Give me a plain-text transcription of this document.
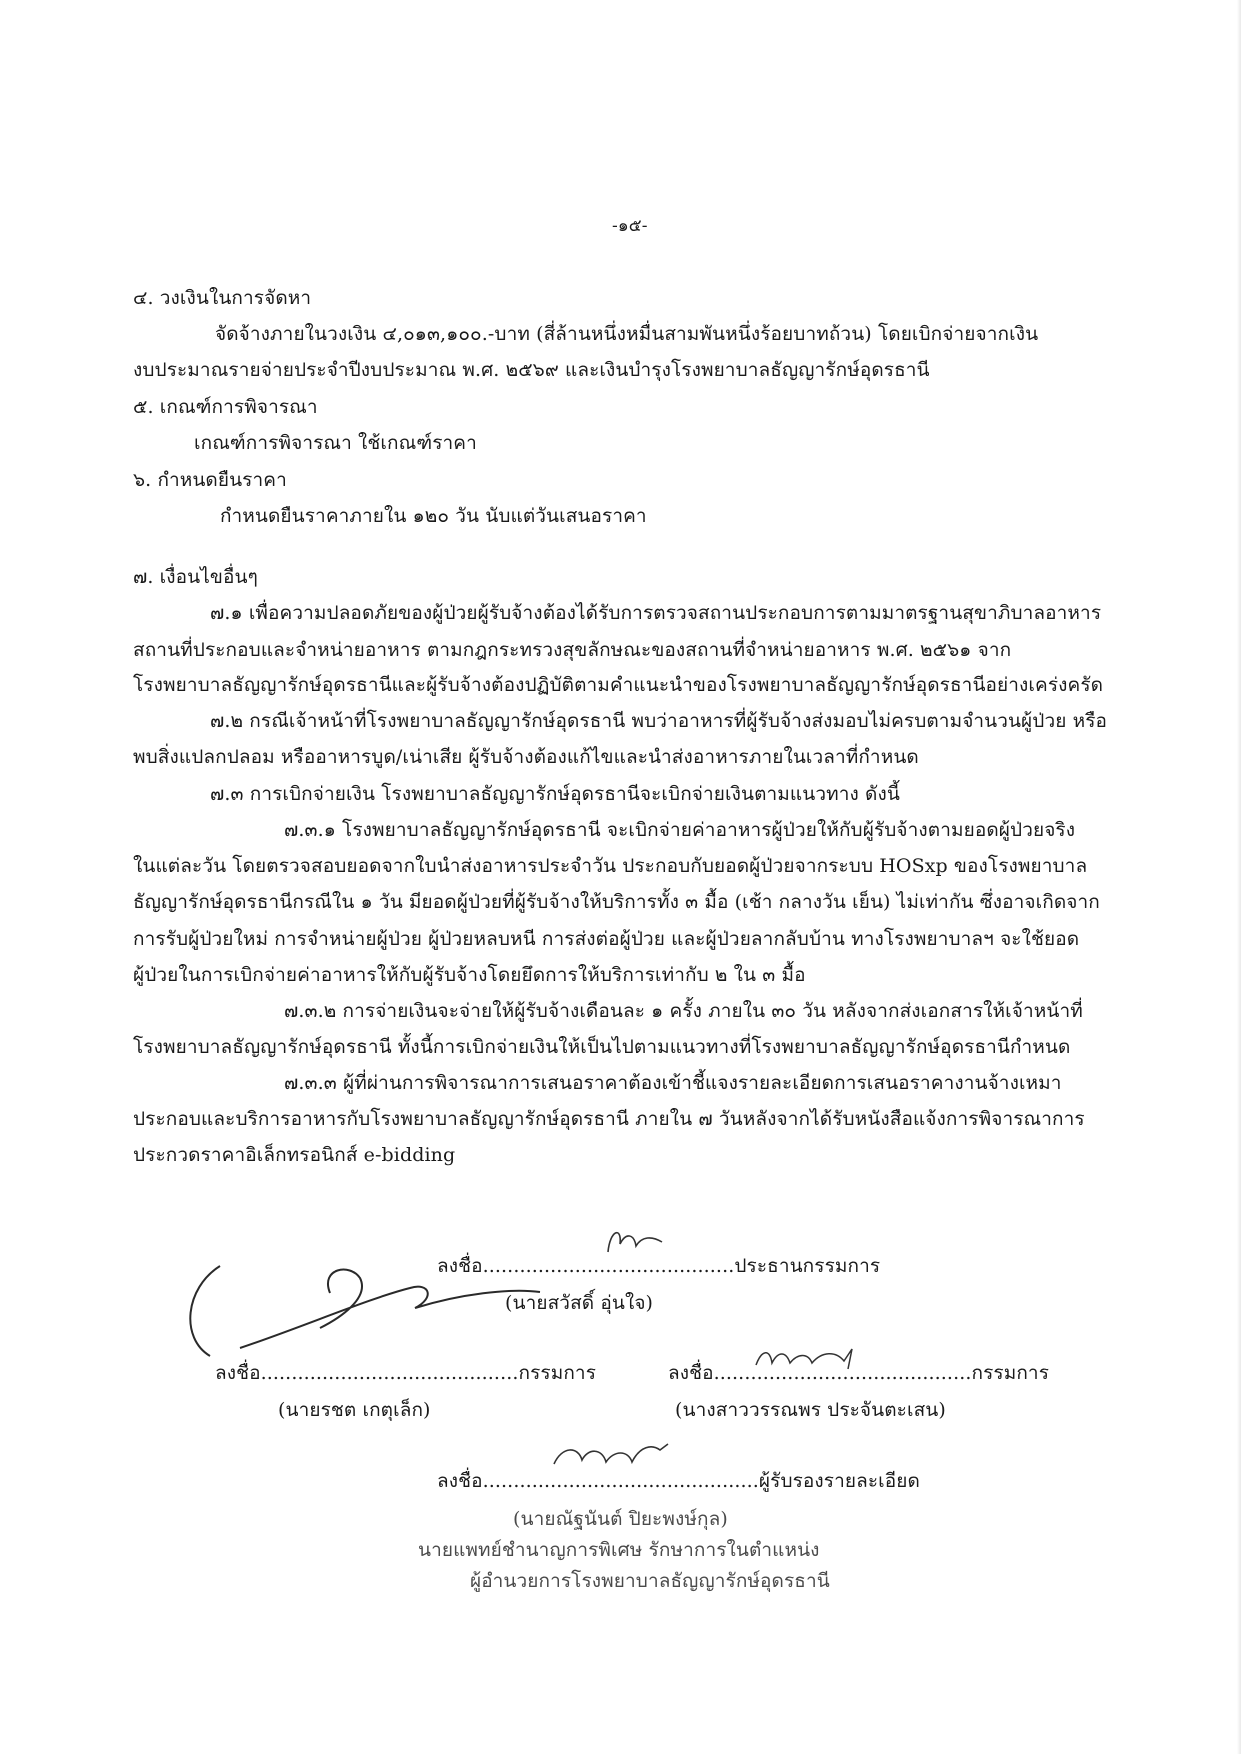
-๑๕-
๔. วงเงินในการจัดหา
จัดจ้างภายในวงเงิน ๔,๐๑๓,๑๐๐.-บาท (สี่ล้านหนึ่งหมื่นสามพันหนึ่งร้อยบาทถ้วน) โดยเบิกจ่ายจากเงิน
งบประมาณรายจ่ายประจำปีงบประมาณ พ.ศ. ๒๕๖๙ และเงินบำรุงโรงพยาบาลธัญญารักษ์อุดรธานี
๕. เกณฑ์การพิจารณา
เกณฑ์การพิจารณา ใช้เกณฑ์ราคา
๖. กำหนดยืนราคา
กำหนดยืนราคาภายใน ๑๒๐ วัน นับแต่วันเสนอราคา
๗. เงื่อนไขอื่นๆ
๗.๑ เพื่อความปลอดภัยของผู้ป่วยผู้รับจ้างต้องได้รับการตรวจสถานประกอบการตามมาตรฐานสุขาภิบาลอาหาร
สถานที่ประกอบและจำหน่ายอาหาร ตามกฎกระทรวงสุขลักษณะของสถานที่จำหน่ายอาหาร พ.ศ. ๒๕๖๑ จาก
โรงพยาบาลธัญญารักษ์อุดรธานีและผู้รับจ้างต้องปฏิบัติตามคำแนะนำของโรงพยาบาลธัญญารักษ์อุดรธานีอย่างเคร่งครัด
๗.๒ กรณีเจ้าหน้าที่โรงพยาบาลธัญญารักษ์อุดรธานี พบว่าอาหารที่ผู้รับจ้างส่งมอบไม่ครบตามจำนวนผู้ป่วย หรือ
พบสิ่งแปลกปลอม หรืออาหารบูด/เน่าเสีย ผู้รับจ้างต้องแก้ไขและนำส่งอาหารภายในเวลาที่กำหนด
๗.๓ การเบิกจ่ายเงิน โรงพยาบาลธัญญารักษ์อุดรธานีจะเบิกจ่ายเงินตามแนวทาง ดังนี้
๗.๓.๑ โรงพยาบาลธัญญารักษ์อุดรธานี จะเบิกจ่ายค่าอาหารผู้ป่วยให้กับผู้รับจ้างตามยอดผู้ป่วยจริง
ในแต่ละวัน โดยตรวจสอบยอดจากใบนำส่งอาหารประจำวัน ประกอบกับยอดผู้ป่วยจากระบบ HOSxp ของโรงพยาบาล
ธัญญารักษ์อุดรธานีกรณีใน ๑ วัน มียอดผู้ป่วยที่ผู้รับจ้างให้บริการทั้ง ๓ มื้อ (เช้า กลางวัน เย็น) ไม่เท่ากัน ซึ่งอาจเกิดจาก
การรับผู้ป่วยใหม่ การจำหน่ายผู้ป่วย ผู้ป่วยหลบหนี การส่งต่อผู้ป่วย และผู้ป่วยลากลับบ้าน ทางโรงพยาบาลฯ จะใช้ยอด
ผู้ป่วยในการเบิกจ่ายค่าอาหารให้กับผู้รับจ้างโดยยึดการให้บริการเท่ากับ ๒ ใน ๓ มื้อ
๗.๓.๒ การจ่ายเงินจะจ่ายให้ผู้รับจ้างเดือนละ ๑ ครั้ง ภายใน ๓๐ วัน หลังจากส่งเอกสารให้เจ้าหน้าที่
โรงพยาบาลธัญญารักษ์อุดรธานี ทั้งนี้การเบิกจ่ายเงินให้เป็นไปตามแนวทางที่โรงพยาบาลธัญญารักษ์อุดรธานีกำหนด
๗.๓.๓ ผู้ที่ผ่านการพิจารณาการเสนอราคาต้องเข้าชี้แจงรายละเอียดการเสนอราคางานจ้างเหมา
ประกอบและบริการอาหารกับโรงพยาบาลธัญญารักษ์อุดรธานี ภายใน ๗ วันหลังจากได้รับหนังสือแจ้งการพิจารณาการ
ประกวดราคาอิเล็กทรอนิกส์ e-bidding
ลงชื่อ.........................................ประธานกรรมการ
(นายสวัสดิ์ อุ่นใจ)
ลงชื่อ..........................................กรรมการ
(นายรชต เกตุเล็ก)
ลงชื่อ..........................................กรรมการ
(นางสาววรรณพร ประจันตะเสน)
ลงชื่อ.............................................ผู้รับรองรายละเอียด
(นายณัฐนันต์ ปิยะพงษ์กุล)
นายแพทย์ชำนาญการพิเศษ รักษาการในตำแหน่ง
ผู้อำนวยการโรงพยาบาลธัญญารักษ์อุดรธานี
